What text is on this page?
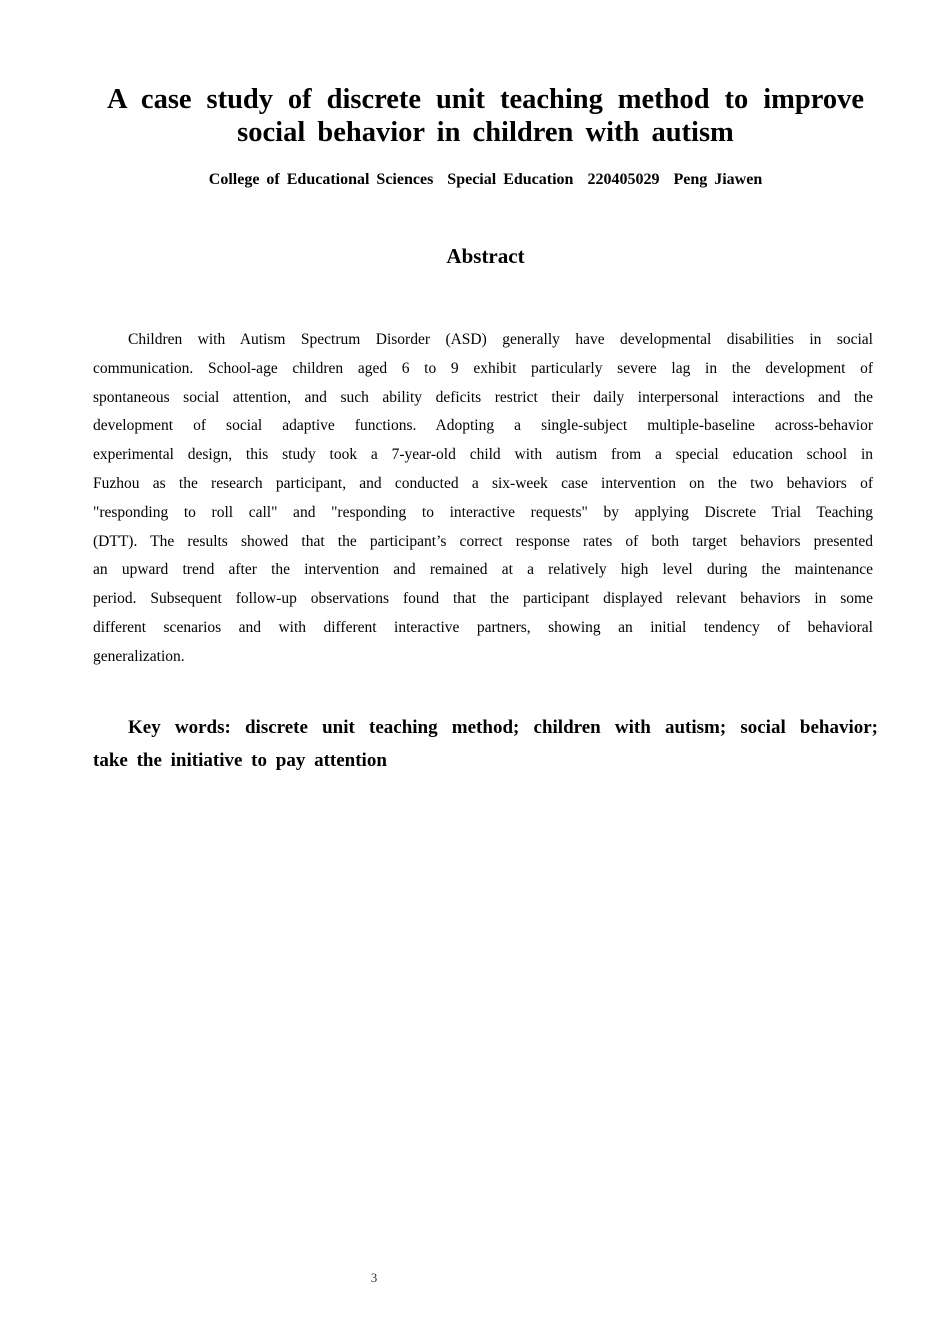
A case study of discrete unit teaching method to improve
social behavior in children with autism

College of Educational Sciences  Special Education  220405029  Peng Jiawen

Abstract
Children with Autism Spectrum Disorder (ASD) generally have developmental disabilities in social
communication. School-age children aged 6 to 9 exhibit particularly severe lag in the development of
spontaneous social attention, and such ability deficits restrict their daily interpersonal interactions and the
development of social adaptive functions. Adopting a single-subject multiple-baseline across-behavior
experimental design, this study took a 7-year-old child with autism from a special education school in
Fuzhou as the research participant, and conducted a six-week case intervention on the two behaviors of
"responding to roll call" and "responding to interactive requests" by applying Discrete Trial Teaching
(DTT). The results showed that the participant’s correct response rates of both target behaviors presented
an upward trend after the intervention and remained at a relatively high level during the maintenance
period. Subsequent follow-up observations found that the participant displayed relevant behaviors in some
different scenarios and with different interactive partners, showing an initial tendency of behavioral
generalization.
Key words: discrete unit teaching method; children with autism; social behavior;
take the initiative to pay attention
3
